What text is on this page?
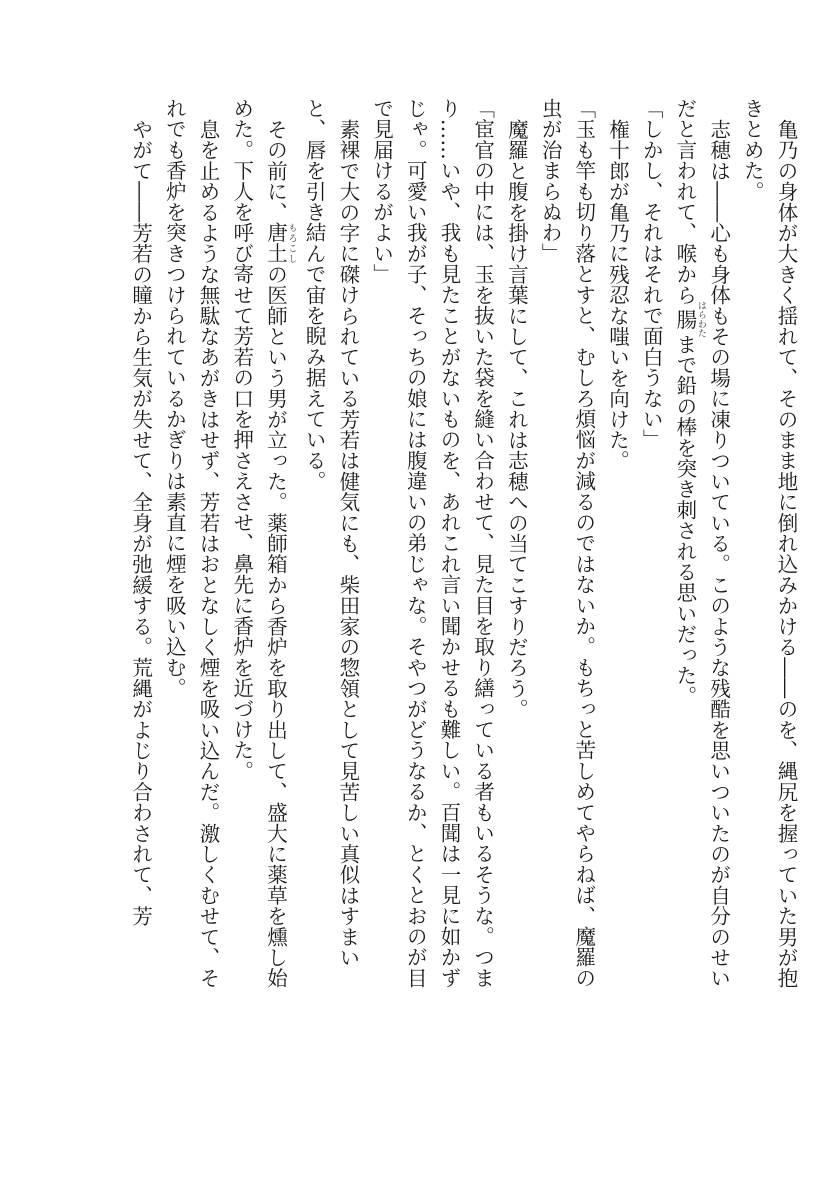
亀乃の身体が大きく揺れて、そのまま地に倒れ込みかける――のを、縄尻を握っていた男が抱きとめた。

志穂は――心も身体もその場に凍りついている。このような残酷を思いついたのが自分のせいだと言われて、喉から腸 はらわたまで鉛の棒を突き刺される思いだった。

「しかし、それはそれで面白うない」

権十郎が亀乃に残忍な嗤いを向けた。

「玉も竿も切り落とすと、むしろ煩悩が減るのではないか。もちっと苦しめてやらねば、魔羅の虫が治まらぬわ」

魔羅と腹を掛け言葉にして、これは志穂への当てこすりだろう。

「宦官の中には、玉を抜いた袋を縫い合わせて、見た目を取り繕っている者もいるそうな。つまり……いや、我も見たことがないものを、あれこれ言い聞かせるも難しい。百聞は一見に如かずじゃ。可愛い我が子、そっちの娘には腹違いの弟じゃな。そやつがどうなるか、とくとおのが目で見届けるがよい」

素裸で大の字に磔けられている芳若は健気にも、柴田家の惣領として見苦しい真似はすまいと、唇を引き結んで宙を睨み据えている。

その前に、唐土 もろこしの医師という男が立った。薬師箱から香炉を取り出して、盛大に薬草を燻し始めた。下人を呼び寄せて芳若の口を押さえさせ、鼻先に香炉を近づけた。

息を止めるような無駄なあがきはせず、芳若はおとなしく煙を吸い込んだ。激しくむせて、それでも香炉を突きつけられているかぎりは素直に煙を吸い込む。

やがて――芳若の瞳から生気が失せて、全身が弛緩する。荒縄がよじり合わされて、芳
